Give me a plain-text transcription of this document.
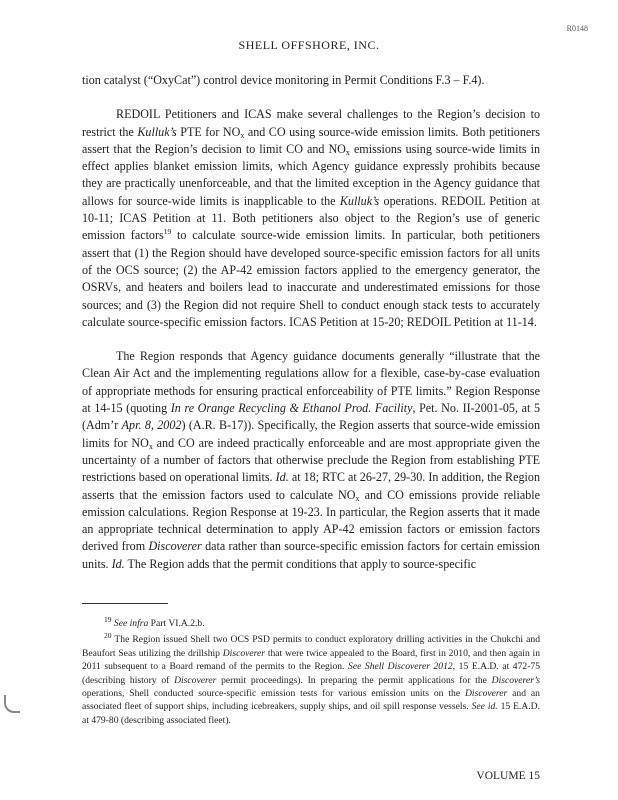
R0148
SHELL OFFSHORE, INC.

tion catalyst (“OxyCat”) control device monitoring in Permit Conditions F.3 – F.4).

REDOIL Petitioners and ICAS make several challenges to the Region’s decision to restrict the Kulluk’s PTE for $NO_x$ and CO using source-wide emission limits. Both petitioners assert that the Region’s decision to limit CO and $NO_x$ emissions using source-wide limits in effect applies blanket emission limits, which Agency guidance expressly prohibits because they are practically unenforceable, and that the limited exception in the Agency guidance that allows for source-wide limits is inapplicable to the Kulluk’s operations. REDOIL Petition at 10-11; ICAS Petition at 11. Both petitioners also object to the Region’s use of generic emission factors$^{19}$ to calculate source-wide emission limits. In particular, both petitioners assert that (1) the Region should have developed source-specific emission factors for all units of the OCS source; (2) the AP-42 emission factors applied to the emergency generator, the OSRVs, and heaters and boilers lead to inaccurate and underestimated emissions for those sources; and (3) the Region did not require Shell to conduct enough stack tests to accurately calculate source-specific emission factors. ICAS Petition at 15-20; REDOIL Petition at 11-14.

The Region responds that Agency guidance documents generally “illustrate that the Clean Air Act and the implementing regulations allow for a flexible, case-by-case evaluation of appropriate methods for ensuring practical enforceability of PTE limits.” Region Response at 14-15 (quoting In re Orange Recycling & Ethanol Prod. Facility, Pet. No. II-2001-05, at 5 (Adm’r Apr. 8, 2002) (A.R. B-17)). Specifically, the Region asserts that source-wide emission limits for $NO_x$ and CO are indeed practically enforceable and are most appropriate given the uncertainty of a number of factors that otherwise preclude the Region from establishing PTE restrictions based on operational limits. Id. at 18; RTC at 26-27, 29-30. In addition, the Region asserts that the emission factors used to calculate $NO_x$ and CO emissions provide reliable emission calculations. Region Response at 19-23. In particular, the Region asserts that it made an appropriate technical determination to apply AP-42 emission factors or emission factors derived from Discoverer data rather than source-specific emission factors for certain emission units. Id. The Region adds that the permit conditions that apply to source-specific

$^{19}$ See infra Part VI.A.2.b.

$^{20}$ The Region issued Shell two OCS PSD permits to conduct exploratory drilling activities in the Chukchi and Beaufort Seas utilizing the drillship Discoverer that were twice appealed to the Board, first in 2010, and then again in 2011 subsequent to a Board remand of the permits to the Region. See Shell Discoverer 2012, 15 E.A.D. at 472-75 (describing history of Discoverer permit proceedings). In preparing the permit applications for the Discoverer’s operations, Shell conducted source-specific emission tests for various emission units on the Discoverer and an associated fleet of support ships, including icebreakers, supply ships, and oil spill response vessels. See id. 15 E.A.D. at 479-80 (describing associated fleet).

VOLUME 15
